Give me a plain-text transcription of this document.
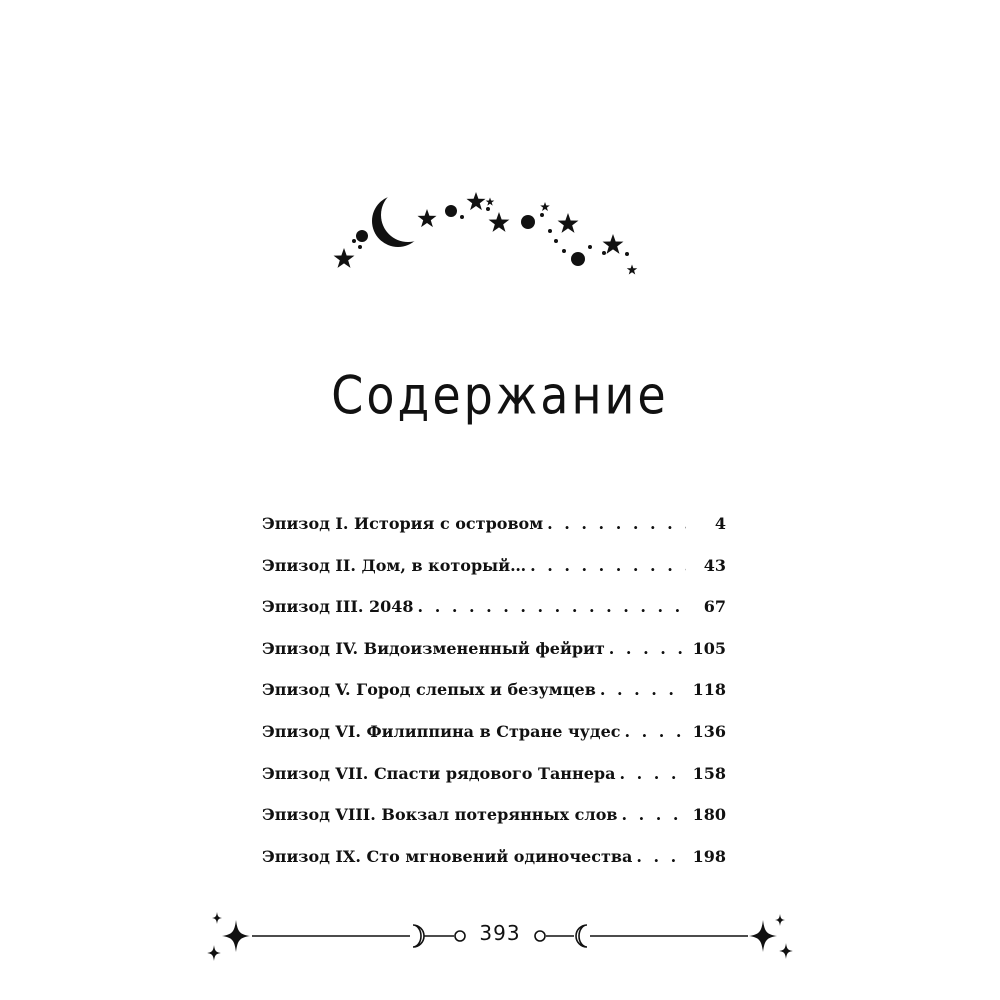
Содержание
Эпизод I. История с островом . . .	4
Эпизод II. Дом, в который… . . .	43
Эпизод III. 2048 . . .	67
Эпизод IV. Видоизмененный фейрит . . .	105
Эпизод V. Город слепых и безумцев . . .	118
Эпизод VI. Филиппина в Стране чудес . . .	136
Эпизод VII. Спасти рядового Таннера . . .	158
Эпизод VIII. Вокзал потерянных слов . . .	180
Эпизод IX. Сто мгновений одиночества . . .	198
393
